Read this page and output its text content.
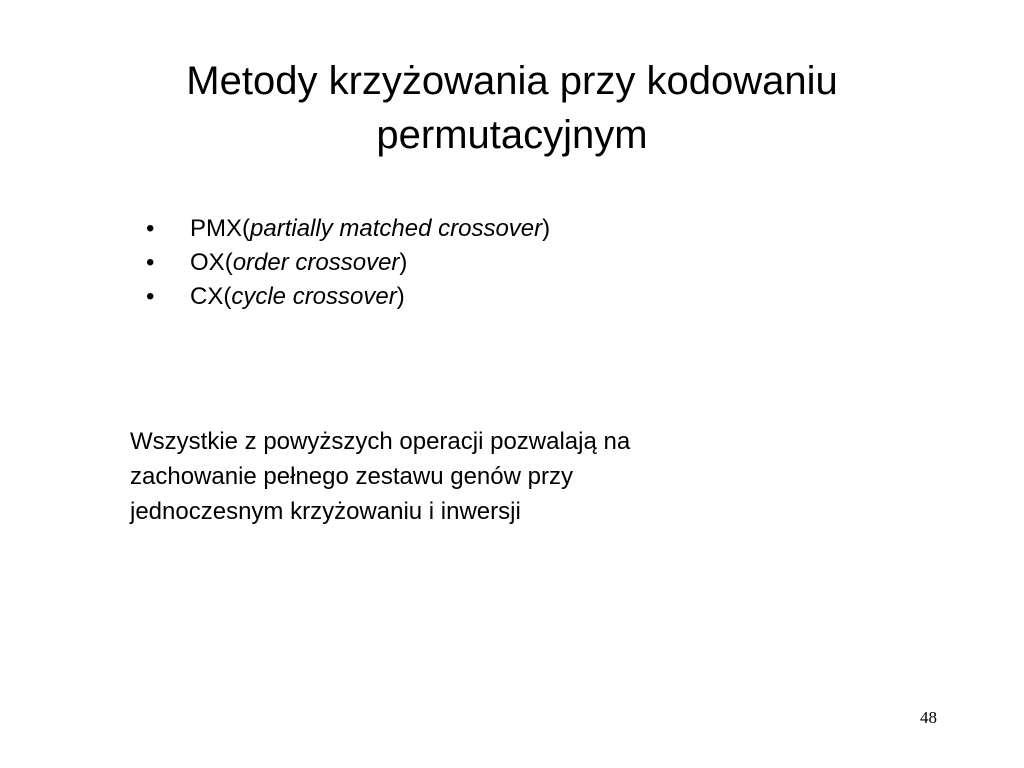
Metody krzyżowania przy kodowaniu
permutacyjnym
•	PMX ( partially matched crossover )
•	OX ( order crossover )
•	CX ( cycle crossover )

Wszystkie z powyższych operacji pozwalają na
zachowanie pełnego zestawu genów przy
jednoczesnym krzyżowaniu i inwersji

48
